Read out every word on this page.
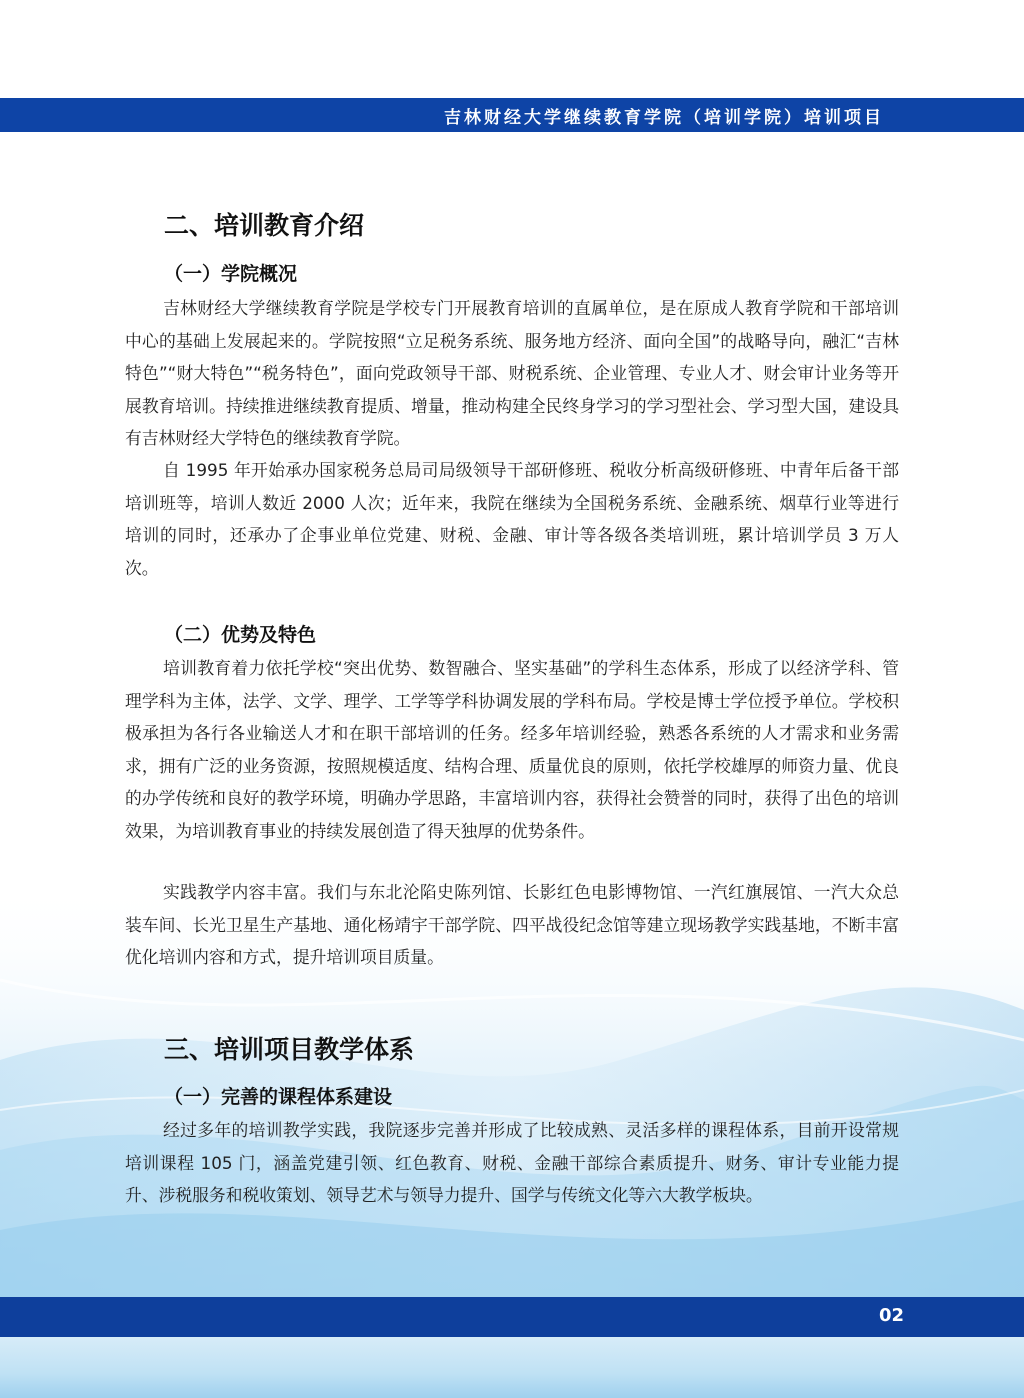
吉林财经大学继续教育学院（培训学院）培训项目
二、培训教育介绍
（一）学院概况

吉林财经大学继续教育学院是学校专门开展教育培训的直属单位，是在原成人教育学院和干部培训中心的基础上发展起来的。学院按照“立足税务系统、服务地方经济、面向全国”的战略导向，融汇“吉林特色”“财大特色”“税务特色”，面向党政领导干部、财税系统、企业管理、专业人才、财会审计业务等开展教育培训。持续推进继续教育提质、增量，推动构建全民终身学习的学习型社会、学习型大国，建设具有吉林财经大学特色的继续教育学院。

自 1995 年开始承办国家税务总局司局级领导干部研修班、税收分析高级研修班、中青年后备干部培训班等，培训人数近 2000 人次；近年来，我院在继续为全国税务系统、金融系统、烟草行业等进行培训的同时，还承办了企事业单位党建、财税、金融、审计等各级各类培训班，累计培训学员 3 万人次。

（二）优势及特色

培训教育着力依托学校“突出优势、数智融合、坚实基础”的学科生态体系，形成了以经济学科、管理学科为主体，法学、文学、理学、工学等学科协调发展的学科布局。学校是博士学位授予单位。学校积极承担为各行各业输送人才和在职干部培训的任务。经多年培训经验，熟悉各系统的人才需求和业务需求，拥有广泛的业务资源，按照规模适度、结构合理、质量优良的原则，依托学校雄厚的师资力量、优良的办学传统和良好的教学环境，明确办学思路，丰富培训内容，获得社会赞誉的同时，获得了出色的培训效果，为培训教育事业的持续发展创造了得天独厚的优势条件。

实践教学内容丰富。我们与东北沦陷史陈列馆、长影红色电影博物馆、一汽红旗展馆、一汽大众总装车间、长光卫星生产基地、通化杨靖宇干部学院、四平战役纪念馆等建立现场教学实践基地，不断丰富优化培训内容和方式，提升培训项目质量。

三、培训项目教学体系
（一）完善的课程体系建设

经过多年的培训教学实践，我院逐步完善并形成了比较成熟、灵活多样的课程体系，目前开设常规培训课程 105 门，涵盖党建引领、红色教育、财税、金融干部综合素质提升、财务、审计专业能力提升、涉税服务和税收策划、领导艺术与领导力提升、国学与传统文化等六大教学板块。

02
